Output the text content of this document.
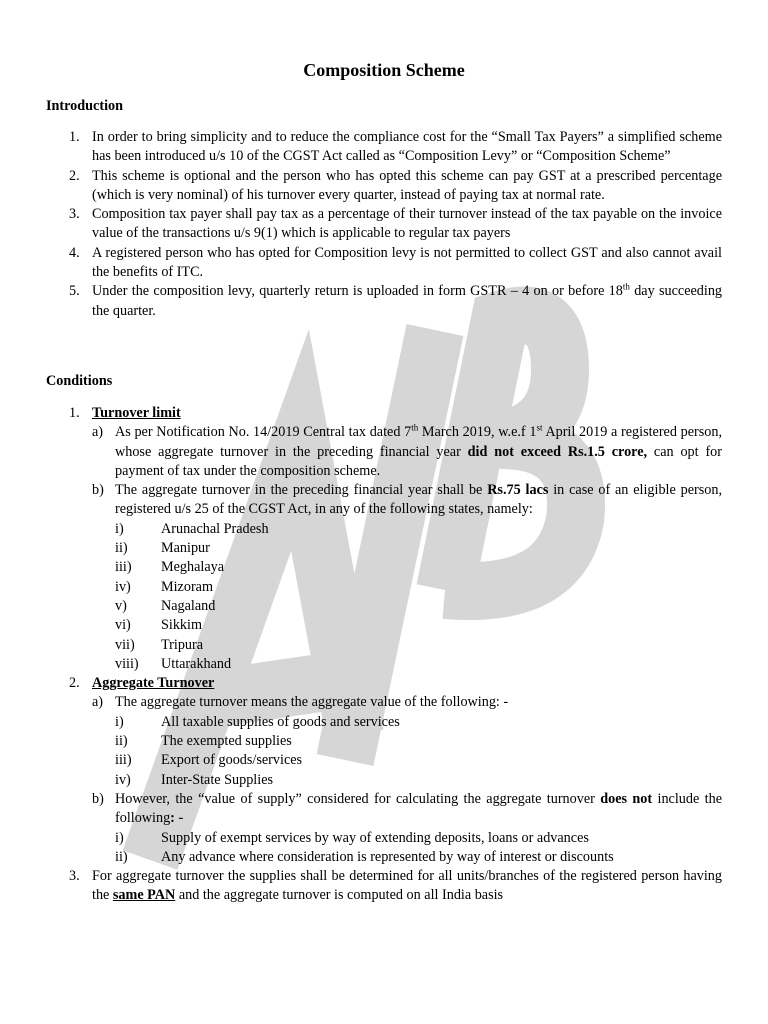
Composition Scheme
Introduction
1. In order to bring simplicity and to reduce the compliance cost for the “Small Tax Payers” a simplified scheme has been introduced u/s 10 of the CGST Act called as “Composition Levy” or “Composition Scheme”
2. This scheme is optional and the person who has opted this scheme can pay GST at a prescribed percentage (which is very nominal) of his turnover every quarter, instead of paying tax at normal rate.
3. Composition tax payer shall pay tax as a percentage of their turnover instead of the tax payable on the invoice value of the transactions u/s 9(1) which is applicable to regular tax payers
4. A registered person who has opted for Composition levy is not permitted to collect GST and also cannot avail the benefits of ITC.
5. Under the composition levy, quarterly return is uploaded in form GSTR – 4 on or before 18th day succeeding the quarter.
Conditions
1. Turnover limit
a) As per Notification No. 14/2019 Central tax dated 7th March 2019, w.e.f 1st April 2019 a registered person, whose aggregate turnover in the preceding financial year did not exceed Rs.1.5 crore, can opt for payment of tax under the composition scheme.
b) The aggregate turnover in the preceding financial year shall be Rs.75 lacs in case of an eligible person, registered u/s 25 of the CGST Act, in any of the following states, namely:
i)	Arunachal Pradesh
ii) Manipur
iii) Meghalaya
iv) Mizoram
v) Nagaland
vi) Sikkim
vii) Tripura
viii) Uttarakhand
2. Aggregate Turnover
a) The aggregate turnover means the aggregate value of the following: -
i)	All taxable supplies of goods and services
ii) The exempted supplies
iii) Export of goods/services
iv) Inter-State Supplies
b) However, the “value of supply” considered for calculating the aggregate turnover does not include the following: -
i)	Supply of exempt services by way of extending deposits, loans or advances
ii) Any advance where consideration is represented by way of interest or discounts
3. For aggregate turnover the supplies shall be determined for all units/branches of the registered person having the same PAN and the aggregate turnover is computed on all India basis
